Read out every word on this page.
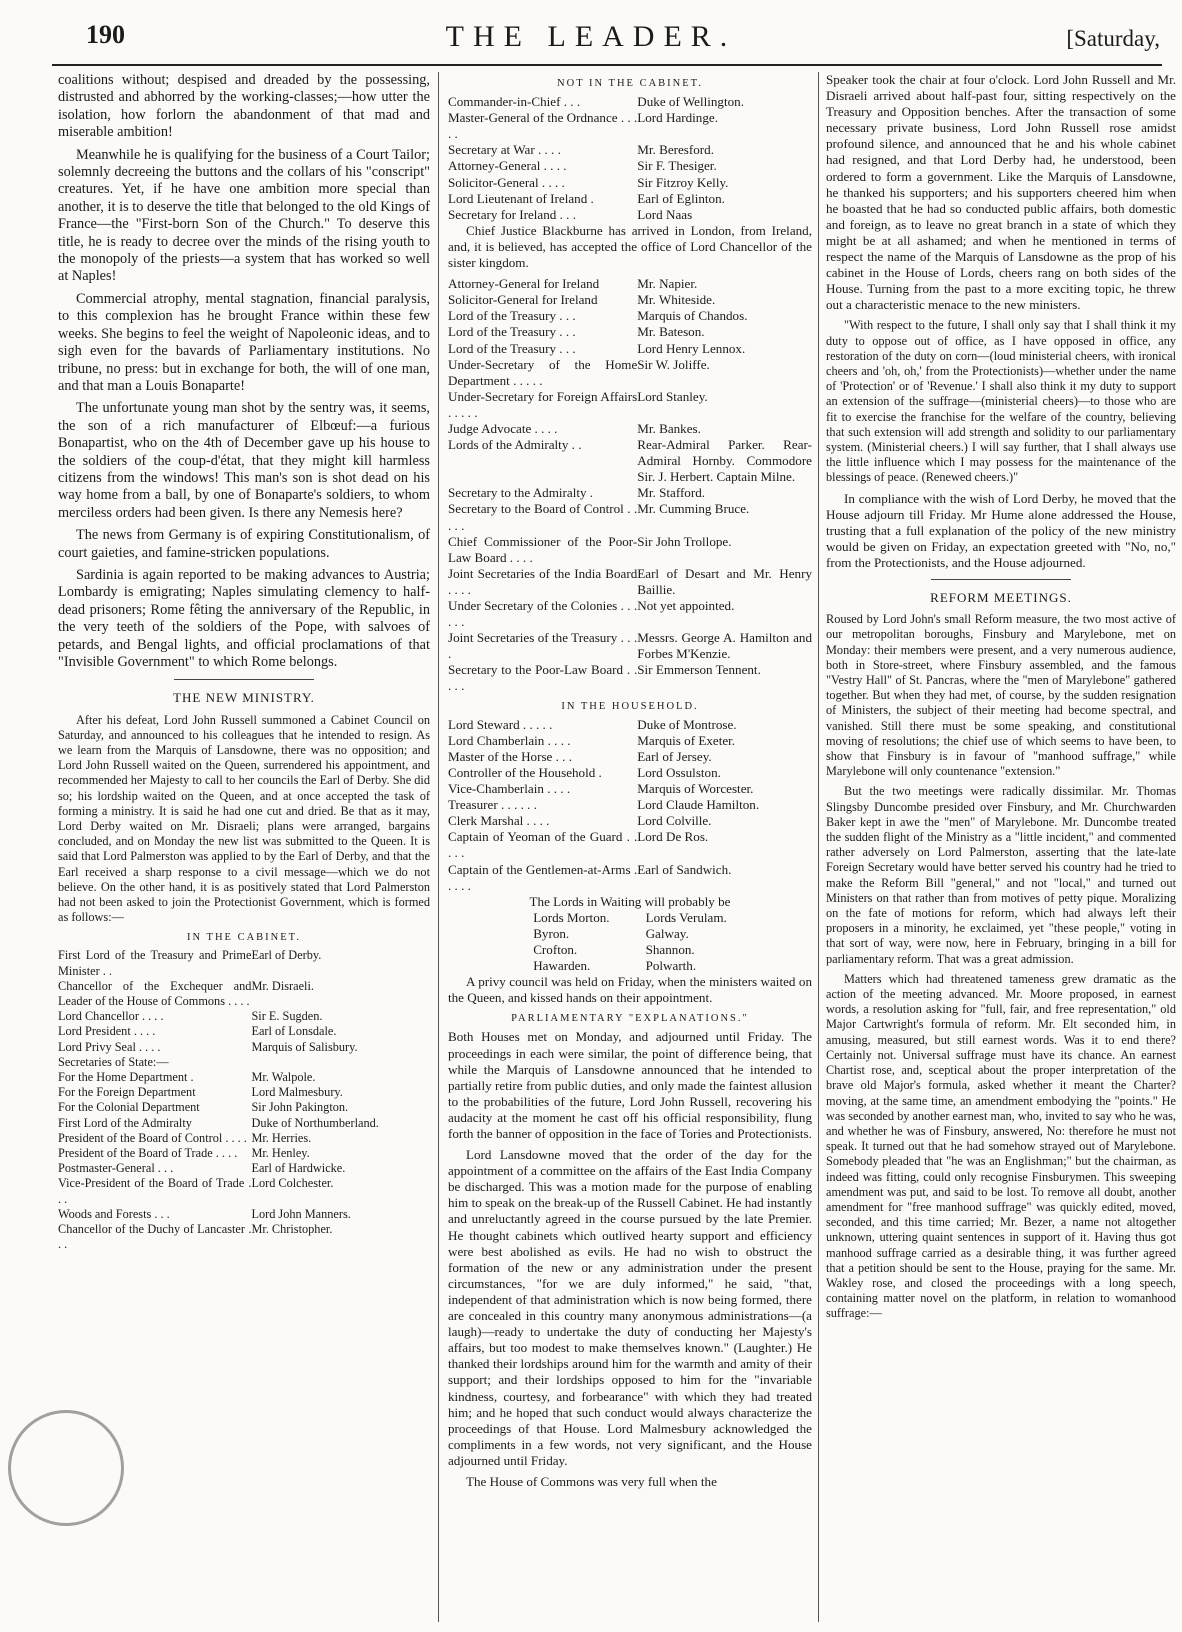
190	THE LEADER.	[Saturday,

coalitions without; despised and dreaded by the possessing, distrusted and abhorred by the working-classes;—how utter the isolation, how forlorn the abandonment of that mad and miserable ambition!

Meanwhile he is qualifying for the business of a Court Tailor; solemnly decreeing the buttons and the collars of his "conscript" creatures. Yet, if he have one ambition more special than another, it is to deserve the title that belonged to the old Kings of France—the "First-born Son of the Church." To deserve this title, he is ready to decree over the minds of the rising youth to the monopoly of the priests—a system that has worked so well at Naples!

Commercial atrophy, mental stagnation, financial paralysis, to this complexion has he brought France within these few weeks. She begins to feel the weight of Napoleonic ideas, and to sigh even for the bavards of Parliamentary institutions. No tribune, no press: but in exchange for both, the will of one man, and that man a Louis Bonaparte!

The unfortunate young man shot by the sentry was, it seems, the son of a rich manufacturer of Elbœuf:—a furious Bonapartist, who on the 4th of December gave up his house to the soldiers of the coup-d'état, that they might kill harmless citizens from the windows! This man's son is shot dead on his way home from a ball, by one of Bonaparte's soldiers, to whom merciless orders had been given. Is there any Nemesis here?

The news from Germany is of expiring Constitutionalism, of court gaieties, and famine-stricken populations.

Sardinia is again reported to be making advances to Austria; Lombardy is emigrating; Naples simulating clemency to half-dead prisoners; Rome fêting the anniversary of the Republic, in the very teeth of the soldiers of the Pope, with salvoes of petards, and Bengal lights, and official proclamations of that "Invisible Government" to which Rome belongs.

THE NEW MINISTRY.

After his defeat, Lord John Russell summoned a Cabinet Council on Saturday, and announced to his colleagues that he intended to resign. As we learn from the Marquis of Lansdowne, there was no opposition; and Lord John Russell waited on the Queen, surrendered his appointment, and recommended her Majesty to call to her councils the Earl of Derby. She did so; his lordship waited on the Queen, and at once accepted the task of forming a ministry. It is said he had one cut and dried. Be that as it may, Lord Derby waited on Mr. Disraeli; plans were arranged, bargains concluded, and on Monday the new list was submitted to the Queen. It is said that Lord Palmerston was applied to by the Earl of Derby, and that the Earl received a sharp response to a civil message—which we do not believe. On the other hand, it is as positively stated that Lord Palmerston had not been asked to join the Protectionist Government, which is formed as follows:—

IN THE CABINET.
First Lord of the Treasury and Prime Minister . .	Earl of Derby.
Chancellor of the Exchequer and Leader of the House of Commons . . . .	Mr. Disraeli.
Lord Chancellor . . . .	Sir E. Sugden.
Lord President . . . .	Earl of Lonsdale.
Lord Privy Seal . . . .	Marquis of Salisbury.
Secretaries of State:—	
For the Home Department .	Mr. Walpole.
For the Foreign Department	Lord Malmesbury.
For the Colonial Department	Sir John Pakington.
First Lord of the Admiralty	Duke of Northumberland.
President of the Board of Control . . . .	Mr. Herries.
President of the Board of Trade . . . .	Mr. Henley.
Postmaster-General . . .	Earl of Hardwicke.
Vice-President of the Board of Trade . . .	Lord Colchester.
Woods and Forests . . .	Lord John Manners.
Chancellor of the Duchy of Lancaster . . .	Mr. Christopher.
NOT IN THE CABINET.
Commander-in-Chief . . .	Duke of Wellington.
Master-General of the Ordnance . . . . .	Lord Hardinge.
Secretary at War . . . .	Mr. Beresford.
Attorney-General . . . .	Sir F. Thesiger.
Solicitor-General . . . .	Sir Fitzroy Kelly.
Lord Lieutenant of Ireland .	Earl of Eglinton.
Secretary for Ireland . . .	Lord Naas

Chief Justice Blackburne has arrived in London, from Ireland, and, it is believed, has accepted the office of Lord Chancellor of the sister kingdom.

Attorney-General for Ireland	Mr. Napier.
Solicitor-General for Ireland	Mr. Whiteside.
Lord of the Treasury . . .	Marquis of Chandos.
Lord of the Treasury . . .	Mr. Bateson.
Lord of the Treasury . . .	Lord Henry Lennox.
Under-Secretary of the Home Department . . . . .	Sir W. Joliffe.
Under-Secretary for Foreign Affairs . . . . .	Lord Stanley.
Judge Advocate . . . .	Mr. Bankes.
Lords of the Admiralty . .	Rear-Admiral Parker. Rear-Admiral Hornby. Commodore Sir. J. Herbert. Captain Milne.
Secretary to the Admiralty .	Mr. Stafford.
Secretary to the Board of Control . . . . .	Mr. Cumming Bruce.
Chief Commissioner of the Poor-Law Board . . . .	Sir John Trollope.
Joint Secretaries of the India Board . . . .	Earl of Desart and Mr. Henry Baillie.
Under Secretary of the Colonies . . . . . .	Not yet appointed.
Joint Secretaries of the Treasury . . . .	Messrs. George A. Hamilton and Forbes M'Kenzie.
Secretary to the Poor-Law Board . . . . .	Sir Emmerson Tennent.
IN THE HOUSEHOLD.
Lord Steward . . . . .	Duke of Montrose.
Lord Chamberlain . . . .	Marquis of Exeter.
Master of the Horse . . .	Earl of Jersey.
Controller of the Household .	Lord Ossulston.
Vice-Chamberlain . . . .	Marquis of Worcester.
Treasurer . . . . . .	Lord Claude Hamilton.
Clerk Marshal . . . .	Lord Colville.
Captain of Yeoman of the Guard . . . . .	Lord De Ros.
Captain of the Gentlemen-at-Arms . . . . .	Earl of Sandwich.
The Lords in Waiting will probably be
Lords Morton.	Lords Verulam.
Byron.	Galway.
Crofton.	Shannon.
Hawarden.	Polwarth.

A privy council was held on Friday, when the ministers waited on the Queen, and kissed hands on their appointment.

PARLIAMENTARY "EXPLANATIONS."

Both Houses met on Monday, and adjourned until Friday. The proceedings in each were similar, the point of difference being, that while the Marquis of Lansdowne announced that he intended to partially retire from public duties, and only made the faintest allusion to the probabilities of the future, Lord John Russell, recovering his audacity at the moment he cast off his official responsibility, flung forth the banner of opposition in the face of Tories and Protectionists.

Lord Lansdowne moved that the order of the day for the appointment of a committee on the affairs of the East India Company be discharged. This was a motion made for the purpose of enabling him to speak on the break-up of the Russell Cabinet. He had instantly and unreluctantly agreed in the course pursued by the late Premier. He thought cabinets which outlived hearty support and efficiency were best abolished as evils. He had no wish to obstruct the formation of the new or any administration under the present circumstances, "for we are duly informed," he said, "that, independent of that administration which is now being formed, there are concealed in this country many anonymous administrations—(a laugh)—ready to undertake the duty of conducting her Majesty's affairs, but too modest to make themselves known." (Laughter.) He thanked their lordships around him for the warmth and amity of their support; and their lordships opposed to him for the "invariable kindness, courtesy, and forbearance" with which they had treated him; and he hoped that such conduct would always characterize the proceedings of that House. Lord Malmesbury acknowledged the compliments in a few words, not very significant, and the House adjourned until Friday.

The House of Commons was very full when the

Speaker took the chair at four o'clock. Lord John Russell and Mr. Disraeli arrived about half-past four, sitting respectively on the Treasury and Opposition benches. After the transaction of some necessary private business, Lord John Russell rose amidst profound silence, and announced that he and his whole cabinet had resigned, and that Lord Derby had, he understood, been ordered to form a government. Like the Marquis of Lansdowne, he thanked his supporters; and his supporters cheered him when he boasted that he had so conducted public affairs, both domestic and foreign, as to leave no great branch in a state of which they might be at all ashamed; and when he mentioned in terms of respect the name of the Marquis of Lansdowne as the prop of his cabinet in the House of Lords, cheers rang on both sides of the House. Turning from the past to a more exciting topic, he threw out a characteristic menace to the new ministers.

"With respect to the future, I shall only say that I shall think it my duty to oppose out of office, as I have opposed in office, any restoration of the duty on corn—(loud ministerial cheers, with ironical cheers and 'oh, oh,' from the Protectionists)—whether under the name of 'Protection' or of 'Revenue.' I shall also think it my duty to support an extension of the suffrage—(ministerial cheers)—to those who are fit to exercise the franchise for the welfare of the country, believing that such extension will add strength and solidity to our parliamentary system. (Ministerial cheers.) I will say further, that I shall always use the little influence which I may possess for the maintenance of the blessings of peace. (Renewed cheers.)"

In compliance with the wish of Lord Derby, he moved that the House adjourn till Friday. Mr Hume alone addressed the House, trusting that a full explanation of the policy of the new ministry would be given on Friday, an expectation greeted with "No, no," from the Protectionists, and the House adjourned.

REFORM MEETINGS.

Roused by Lord John's small Reform measure, the two most active of our metropolitan boroughs, Finsbury and Marylebone, met on Monday: their members were present, and a very numerous audience, both in Store-street, where Finsbury assembled, and the famous "Vestry Hall" of St. Pancras, where the "men of Marylebone" gathered together. But when they had met, of course, by the sudden resignation of Ministers, the subject of their meeting had become spectral, and vanished. Still there must be some speaking, and constitutional moving of resolutions; the chief use of which seems to have been, to show that Finsbury is in favour of "manhood suffrage," while Marylebone will only countenance "extension."

But the two meetings were radically dissimilar. Mr. Thomas Slingsby Duncombe presided over Finsbury, and Mr. Churchwarden Baker kept in awe the "men" of Marylebone. Mr. Duncombe treated the sudden flight of the Ministry as a "little incident," and commented rather adversely on Lord Palmerston, asserting that the late-late Foreign Secretary would have better served his country had he tried to make the Reform Bill "general," and not "local," and turned out Ministers on that rather than from motives of petty pique. Moralizing on the fate of motions for reform, which had always left their proposers in a minority, he exclaimed, yet "these people," voting in that sort of way, were now, here in February, bringing in a bill for parliamentary reform. That was a great admission.

Matters which had threatened tameness grew dramatic as the action of the meeting advanced. Mr. Moore proposed, in earnest words, a resolution asking for "full, fair, and free representation," old Major Cartwright's formula of reform. Mr. Elt seconded him, in amusing, measured, but still earnest words. Was it to end there? Certainly not. Universal suffrage must have its chance. An earnest Chartist rose, and, sceptical about the proper interpretation of the brave old Major's formula, asked whether it meant the Charter? moving, at the same time, an amendment embodying the "points." He was seconded by another earnest man, who, invited to say who he was, and whether he was of Finsbury, answered, No: therefore he must not speak. It turned out that he had somehow strayed out of Marylebone. Somebody pleaded that "he was an Englishman;" but the chairman, as indeed was fitting, could only recognise Finsburymen. This sweeping amendment was put, and said to be lost. To remove all doubt, another amendment for "free manhood suffrage" was quickly edited, moved, seconded, and this time carried; Mr. Bezer, a name not altogether unknown, uttering quaint sentences in support of it. Having thus got manhood suffrage carried as a desirable thing, it was further agreed that a petition should be sent to the House, praying for the same. Mr. Wakley rose, and closed the proceedings with a long speech, containing matter novel on the platform, in relation to womanhood suffrage:—
